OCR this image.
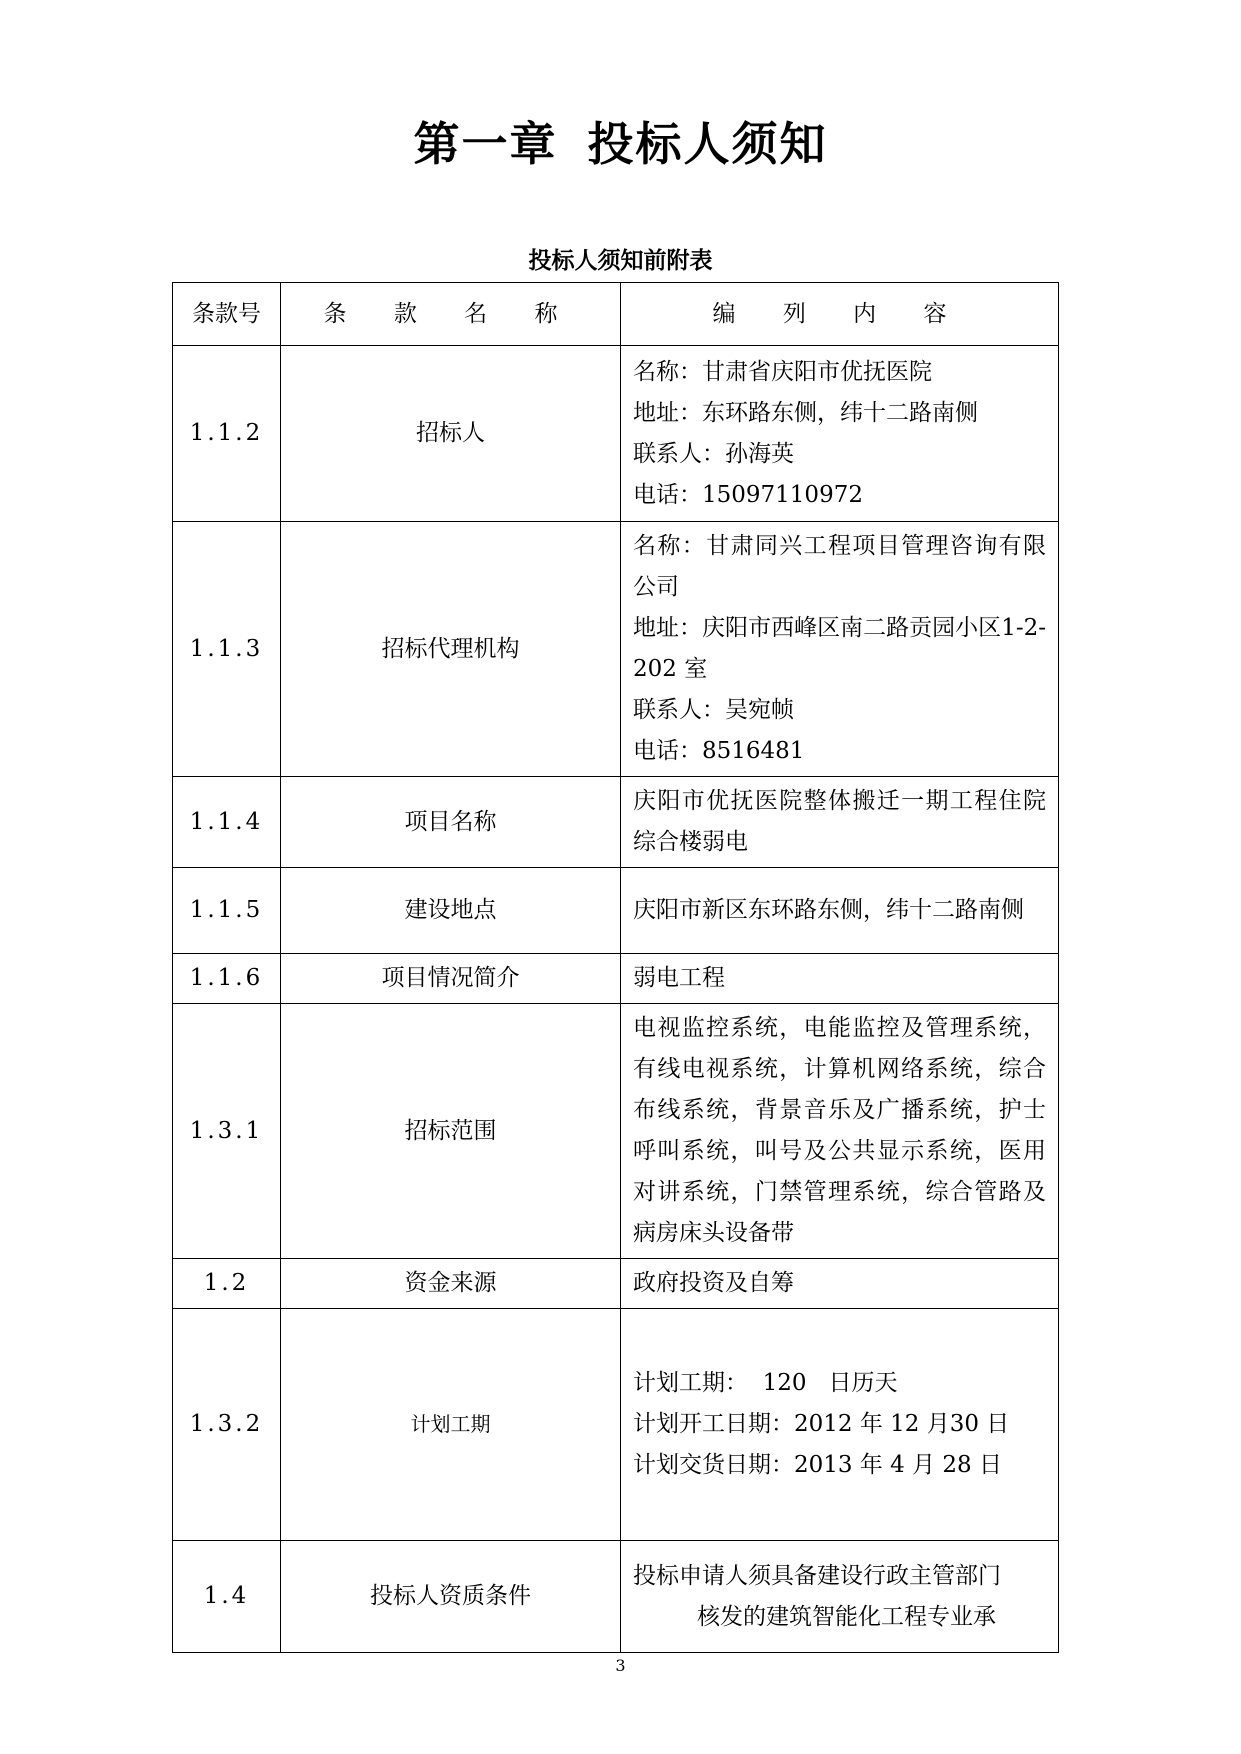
第一章 投标人须知
投标人须知前附表
条款号	条 款 名 称	编 列 内 容
1.1.2	招标人	名称：甘肃省庆阳市优抚医院
地址：东环路东侧，纬十二路南侧
联系人：孙海英
电话：15097110972

1.1.3	招标代理机构	名称：甘肃同兴工程项目管理咨询有限公司
地址：庆阳市西峰区南二路贡园小区1-2-202 室
联系人：吴宛帧
电话：8516481

1.1.4	项目名称	庆阳市优抚医院整体搬迁一期工程住院综合楼弱电

1.1.5	建设地点	庆阳市新区东环路东侧，纬十二路南侧

1.1.6	项目情况简介	弱电工程

1.3.1	招标范围	电视监控系统，电能监控及管理系统，有线电视系统，计算机网络系统，综合布线系统，背景音乐及广播系统，护士呼叫系统，叫号及公共显示系统，医用对讲系统，门禁管理系统，综合管路及病房床头设备带

1.2	资金来源	政府投资及自筹

1.3.2	计划工期	计划工期：  120   日历天
计划开工日期：2012 年 12 月30 日
计划交货日期：2013 年 4 月 28 日

1.4	投标人资质条件	投标申请人须具备建设行政主管部门
核发的建筑智能化工程专业承
3
